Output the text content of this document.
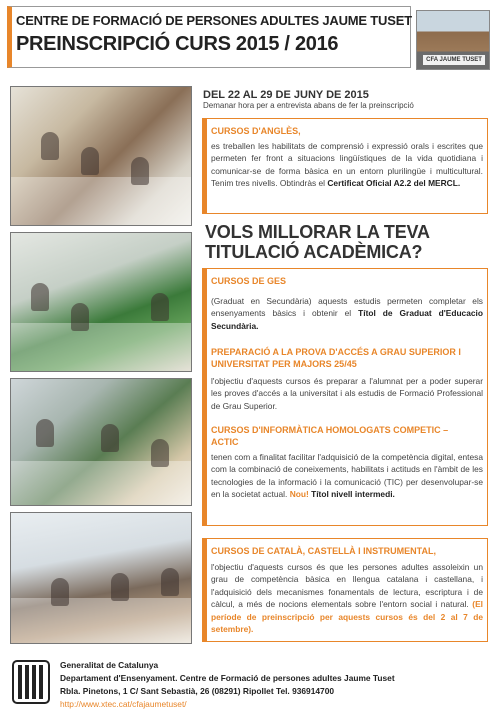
CENTRE DE FORMACIÓ DE PERSONES ADULTES JAUME TUSET
PREINSCRIPCIÓ CURS 2015 / 2016
CFA JAUME TUSET
DEL 22 AL 29 DE JUNY DE 2015
Demanar hora per a entrevista abans de fer la preinscripció
CURSOS D'ANGLÈS,
es treballen les habilitats de comprensió i expressió orals i escrites que permeten fer front a situacions lingüístiques de la vida quotidiana i comunicar-se de forma bàsica en un entorn plurilingüe i multicultural. Tenim tres nivells. Obtindràs el Certificat Oficial A2.2 del MERCL.
VOLS MILLORAR LA TEVA TITULACIÓ ACADÈMICA?
CURSOS DE GES
(Graduat en Secundària) aquests estudis permeten completar els ensenyaments bàsics i obtenir el Títol de Graduat d'Educacio Secundària.
PREPARACIÓ A LA PROVA D'ACCÉS A GRAU SUPERIOR I UNIVERSITAT PER MAJORS 25/45
l'objectiu d'aquests cursos és preparar a l'alumnat per a poder superar les proves d'accés a la universitat i als estudis de Formació Professional de Grau Superior.
CURSOS D'INFORMÀTICA HOMOLOGATS COMPETIC – ACTIC
tenen com a finalitat facilitar l'adquisició de la competència digital, entesa com la combinació de coneixements, habilitats i actituds en l'àmbit de les tecnologies de la informació i la comunicació (TIC) per desenvolupar-se en la societat actual. Nou! Títol nivell intermedi.
CURSOS DE CATALÀ, CASTELLÀ I INSTRUMENTAL,
l'objectiu d'aquests cursos és que les persones adultes assoleixin un grau de competència bàsica en llengua catalana i castellana, i l'adquisició dels mecanismes fonamentals de lectura, escriptura i de càlcul, a més de nocions elementals sobre l'entorn social i natural. (El període de preinscripció per aquests cursos és del 2 al 7 de setembre).
Generalitat de Catalunya
Departament d'Ensenyament. Centre de Formació de persones adultes Jaume Tuset
Rbla. Pinetons, 1 C/ Sant Sebastià, 26 (08291) Ripollet Tel. 936914700
http://www.xtec.cat/cfajaumetuset/
